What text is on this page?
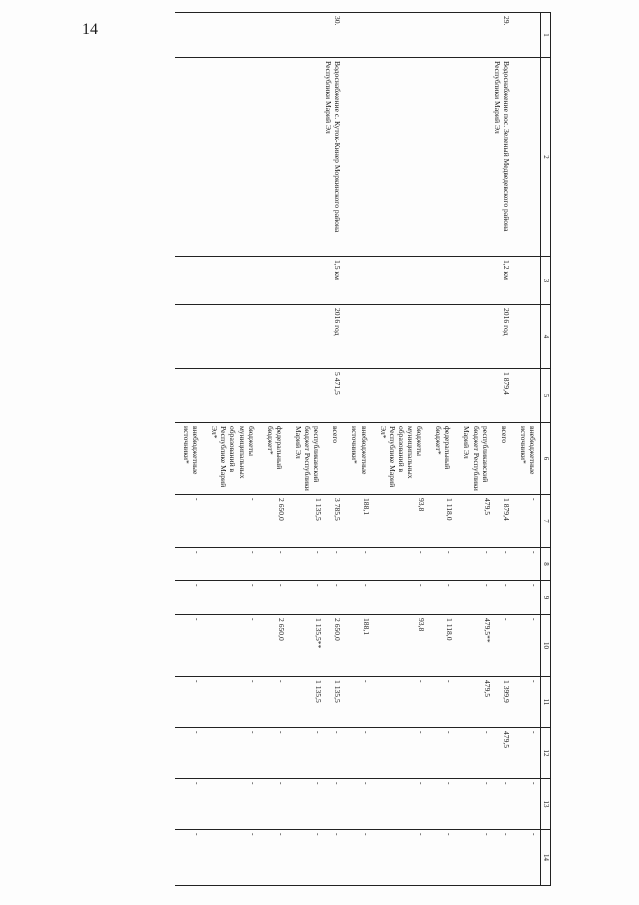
14	1	2	3	4	5	6	7	8	9	10	11	12	13	14
					внебюджетные источники*	-	-	-	-	-	-	-	-
29.	Водоснабжение пос. Зеленый Медведевского района Республики Марий Эл	1,2 км	2016 год	1 879,4	всего	1 879,4	-	-	-	1 399,9	479,5	-	-
					республиканский бюджет Республики Марий Эл	479,5	-	-	479,5**	479,5	-	-	-
					федеральный бюджет*	1 118,0	-	-	1 118,0	-	-	-	-
					бюджеты муниципальных образований в Республике Марий Эл*	93,8	-	-	93,8	-	-	-	-
					внебюджетные источники*	188,1	-	-	188,1	-	-	-	-
30.	Водоснабжение с. Куток-Кинер Моркинского района Республики Марий Эл	1,5 км	2016 год	5 471,5	всего	3 785,5	-	-	2 650,0	1 135,5	-	-	-
					республиканский бюджет Республики Марий Эл	1 135,5	-	-	1 135,5**	1 135,5	-	-	-
					федеральный бюджет*	2 650,0	-	-	2 650,0	-	-	-	-
					бюджеты муниципальных образований в Республике Марий Эл*	-	-	-	-	-	-	-	-
					внебюджетные источники*	-	-	-	-	-	-	-	-
